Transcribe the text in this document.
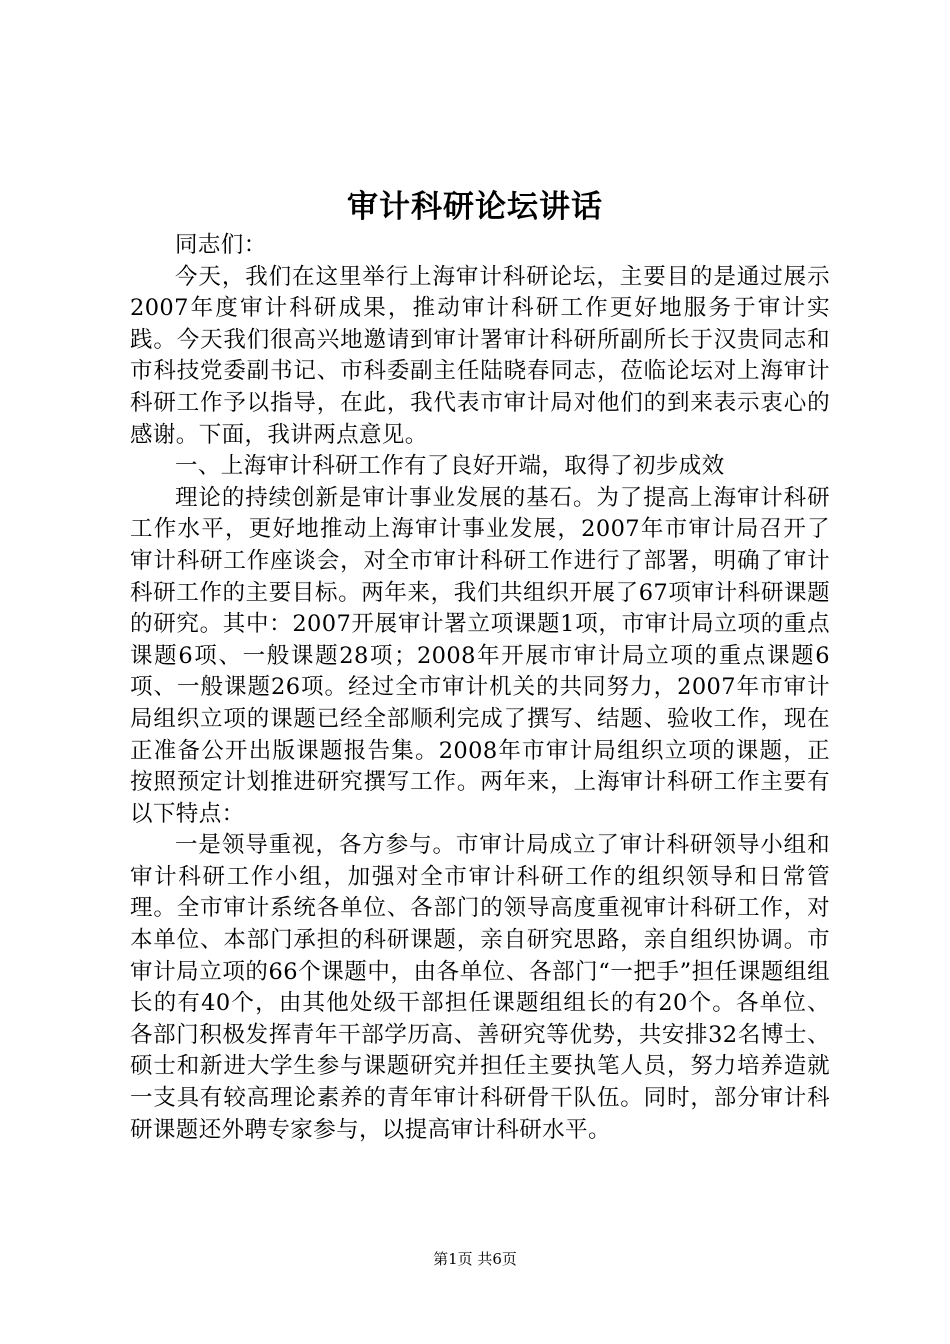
审计科研论坛讲话

同志们：

今天，我们在这里举行上海审计科研论坛，主要目的是通过展示2007年度审计科研成果，推动审计科研工作更好地服务于审计实践。今天我们很高兴地邀请到审计署审计科研所副所长于汉贵同志和市科技党委副书记、市科委副主任陆晓春同志，莅临论坛对上海审计科研工作予以指导，在此，我代表市审计局对他们的到来表示衷心的感谢。下面，我讲两点意见。

一、上海审计科研工作有了良好开端，取得了初步成效

理论的持续创新是审计事业发展的基石。为了提高上海审计科研工作水平，更好地推动上海审计事业发展，2007年市审计局召开了审计科研工作座谈会，对全市审计科研工作进行了部署，明确了审计科研工作的主要目标。两年来，我们共组织开展了67项审计科研课题的研究。其中：2007开展审计署立项课题1项，市审计局立项的重点课题6项、一般课题28项；2008年开展市审计局立项的重点课题6项、一般课题26项。经过全市审计机关的共同努力，2007年市审计局组织立项的课题已经全部顺利完成了撰写、结题、验收工作，现在正准备公开出版课题报告集。2008年市审计局组织立项的课题，正按照预定计划推进研究撰写工作。两年来，上海审计科研工作主要有以下特点：

一是领导重视，各方参与。市审计局成立了审计科研领导小组和审计科研工作小组，加强对全市审计科研工作的组织领导和日常管理。全市审计系统各单位、各部门的领导高度重视审计科研工作，对本单位、本部门承担的科研课题，亲自研究思路，亲自组织协调。市审计局立项的66个课题中，由各单位、各部门“一把手”担任课题组组长的有40个，由其他处级干部担任课题组组长的有20个。各单位、各部门积极发挥青年干部学历高、善研究等优势，共安排32名博士、硕士和新进大学生参与课题研究并担任主要执笔人员，努力培养造就一支具有较高理论素养的青年审计科研骨干队伍。同时，部分审计科研课题还外聘专家参与，以提高审计科研水平。

第1页 共6页
